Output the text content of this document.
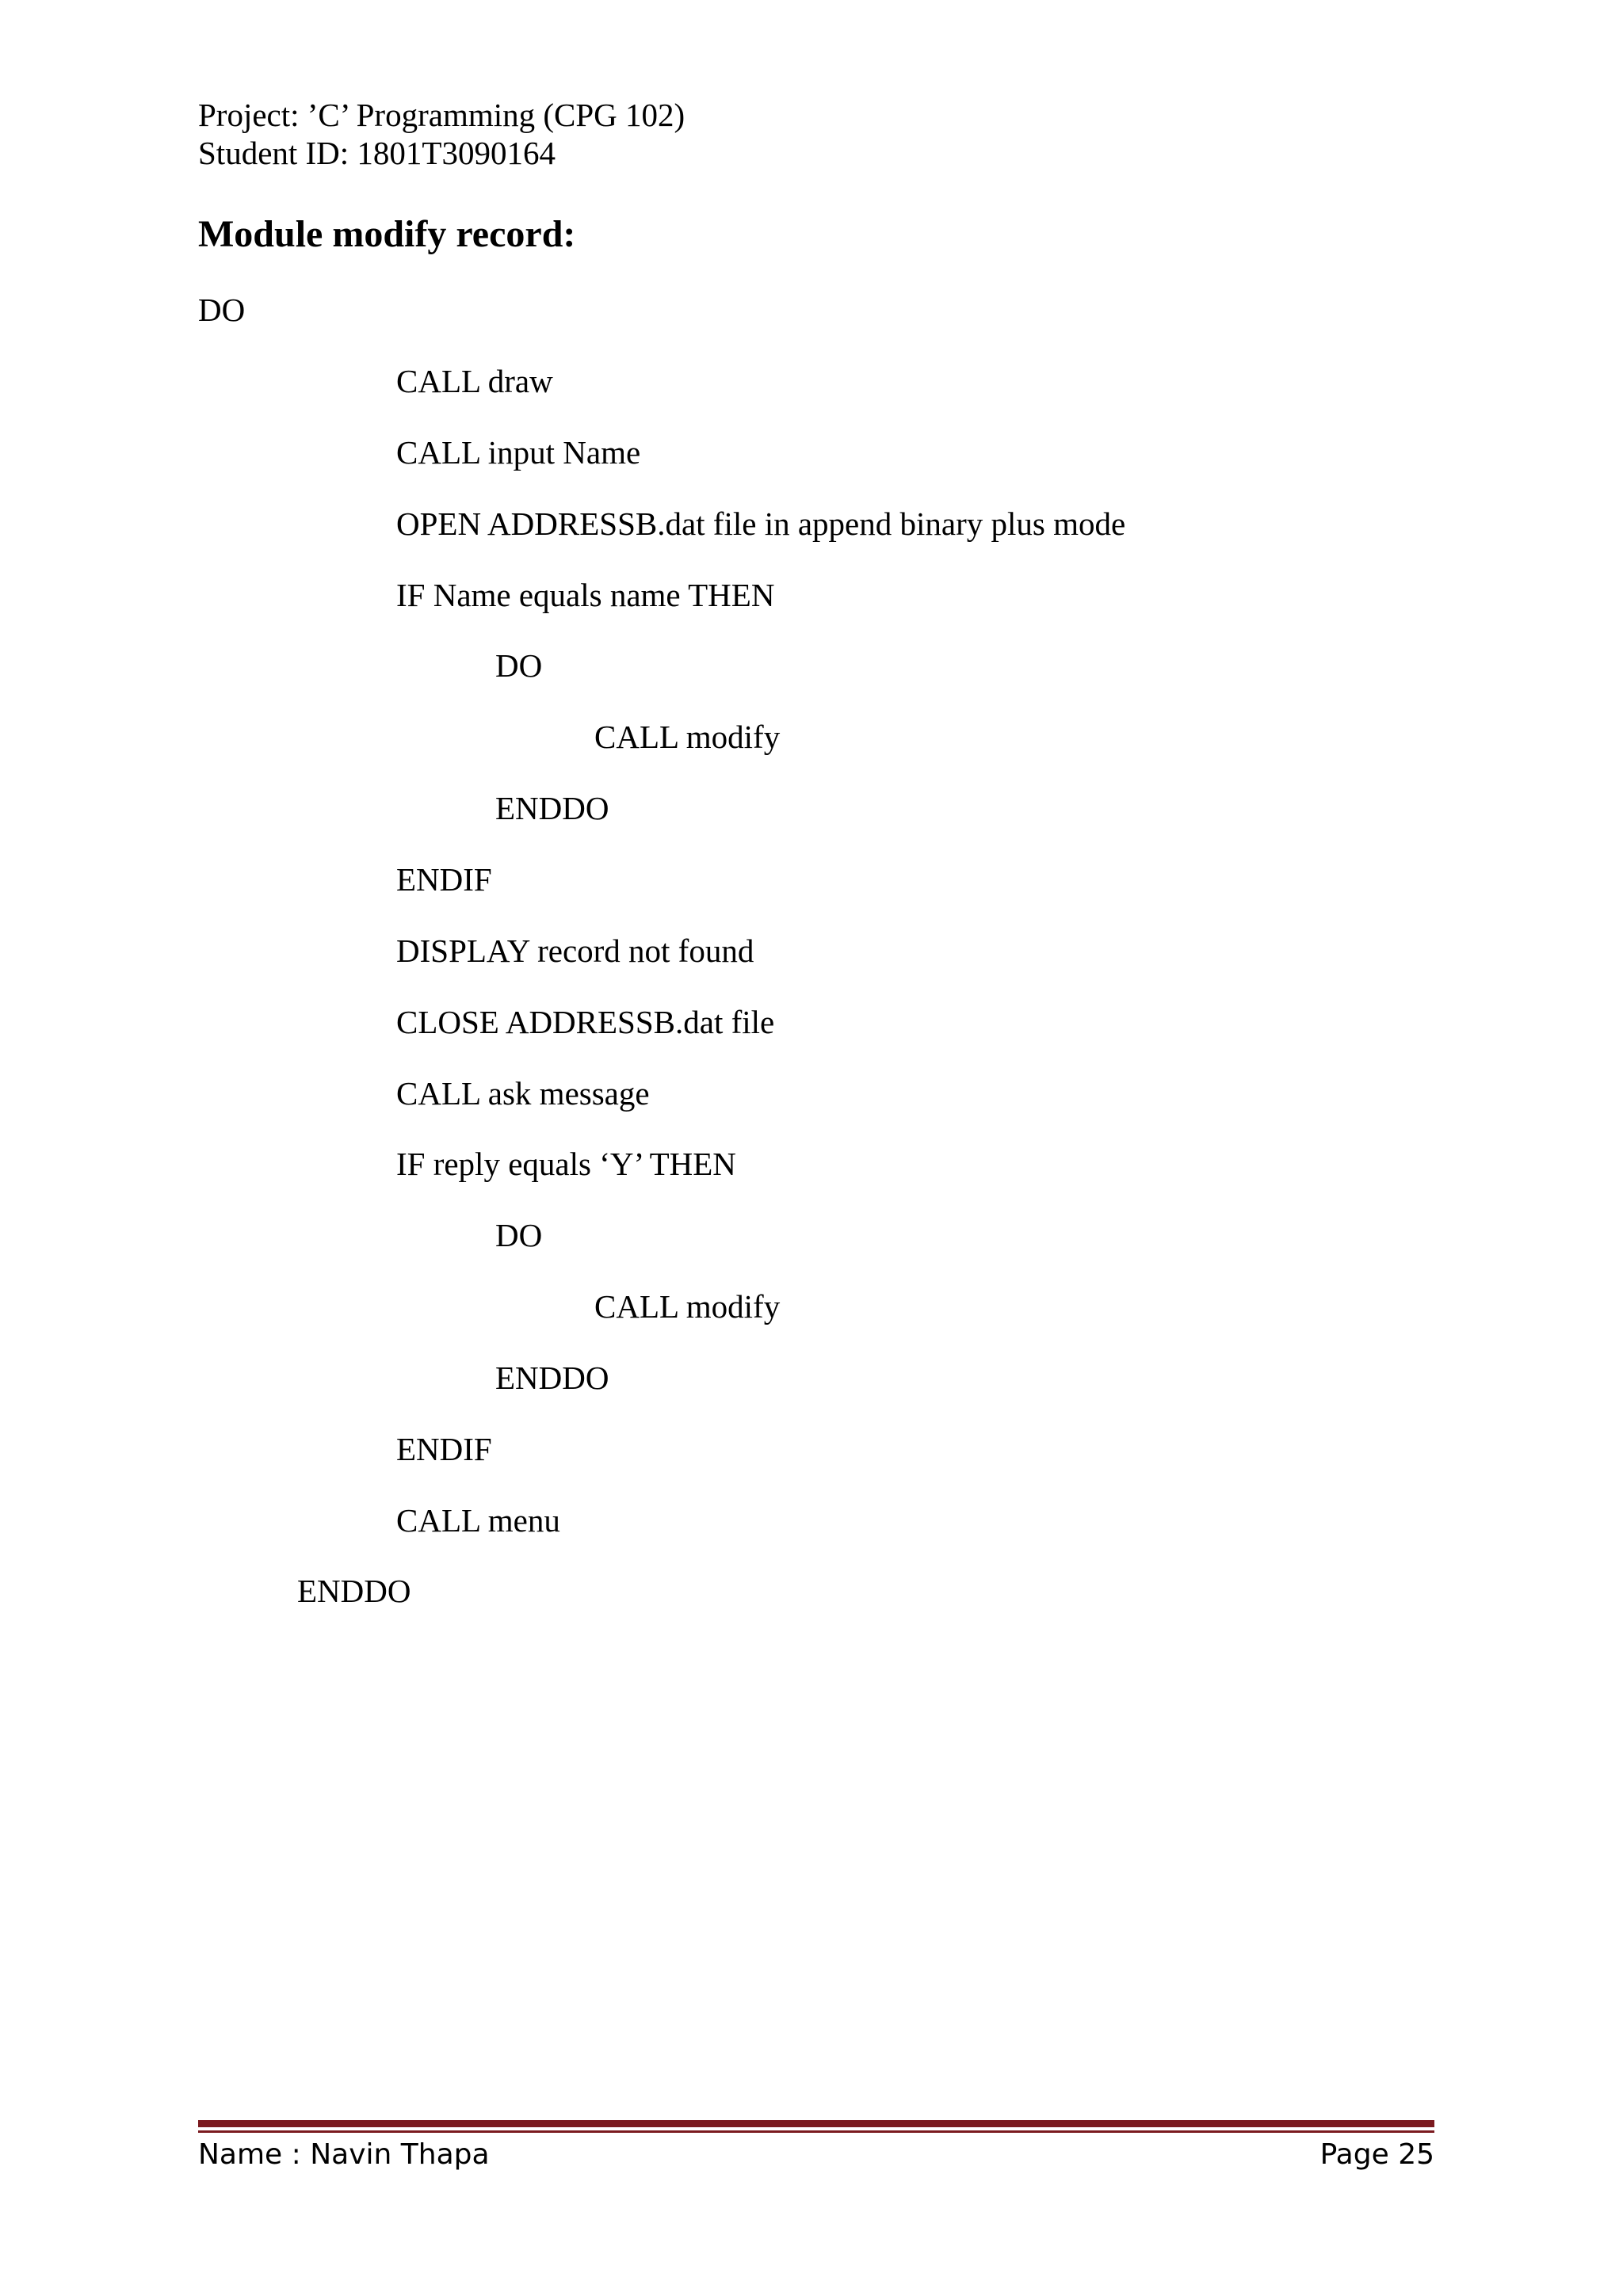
Project: ’C’ Programming (CPG 102)
Student ID: 1801T3090164
Module modify record:
DO
CALL draw
CALL input Name
OPEN ADDRESSB.dat file in append binary plus mode
IF Name equals name THEN
DO
CALL modify
ENDDO
ENDIF
DISPLAY record not found
CLOSE ADDRESSB.dat file
CALL ask message
IF reply equals ‘Y’ THEN
DO
CALL modify
ENDDO
ENDIF
CALL menu
ENDDO
Name : Navin Thapa	Page 25
